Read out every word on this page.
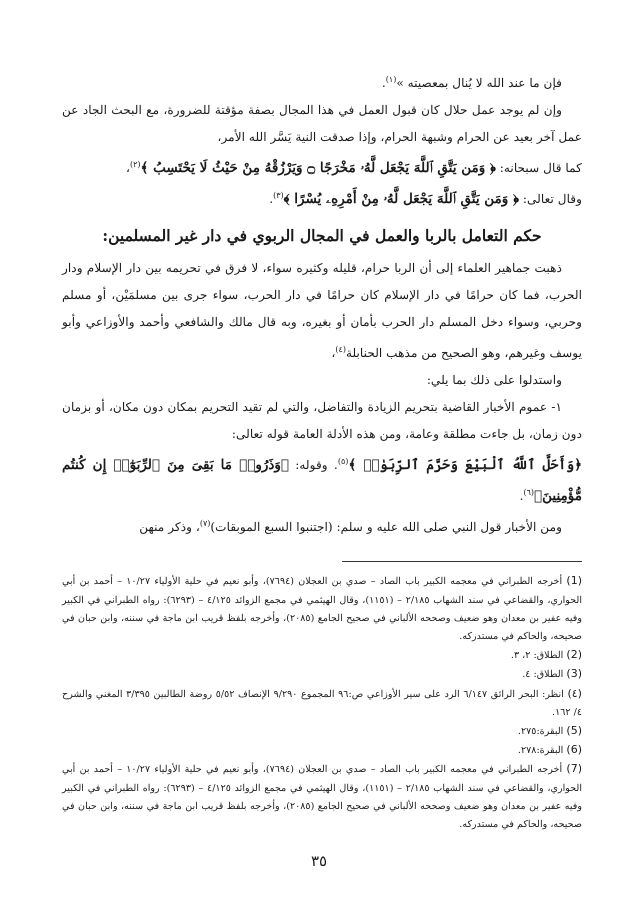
فإن ما عند الله لا يُنال بمعصيته »$^{(١)}$.

وإن لم يوجد عمل حلال كان قبول العمل في هذا المجال بصفة مؤقتة للضرورة، مع البحث الجاد عن عمل آخر بعيد عن الحرام وشبهة الحرام، وإذا صدقت النية يَسَّر الله الأمر،

كما قال سبحانه: ﴿ وَمَن يَتَّقِ ٱللَّهَ يَجْعَل لَّهُۥ مَخْرَجًا ۝ وَيَرْزُقْهُ مِنْ حَيْثُ لَا يَحْتَسِبُ ﴾$^{(٢)}$،

وقال تعالى: ﴿ وَمَن يَتَّقِ ٱللَّهَ يَجْعَل لَّهُۥ مِنْ أَمْرِهِۦ يُسْرًا ﴾$^{(٣)}$.

حكم التعامل بالربا والعمل في المجال الربوي في دار غير المسلمين:

ذهبت جماهير العلماء إلى أن الربا حرام، قليله وكثيره سواء، لا فرق في تحريمه بين دار الإسلام ودار الحرب، فما كان حرامًا في دار الإسلام كان حرامًا في دار الحرب، سواء جرى بين مسلمَيْن، أو مسلم وحربي، وسواء دخل المسلم دار الحرب بأمان أو بغيره، وبه قال مالك والشافعي وأحمد والأوزاعي وأبو يوسف وغيرهم، وهو الصحيح من مذهب الحنابلة$^{(٤)}$،

واستدلوا على ذلك بما يلي:

١- عموم الأخبار القاضية بتحريم الزيادة والتفاضل، والتي لم تقيد التحريم بمكان دون مكان، أو بزمان دون زمان، بل جاءت مطلقة وعامة، ومن هذه الأدلة العامة قوله تعالى:

﴿وَأَحَلَّ ٱللَّهُ ٱلْبَيْعَ وَحَرَّمَ ٱلرِّبَوٰا۟ ﴾$^{(٥)}$. وقوله: ﴿وَذَرُوا۟ مَا بَقِىَ مِنَ ٱلرِّبَوٰٓا۟ إِن كُنتُم مُّؤْمِنِينَ﴾$^{(٦)}$.

ومن الأخبار قول النبي صلى الله عليه و سلم: (اجتنبوا السبع الموبقات)$^{(٧)}$، وذكر منهن

(1) أخرجه الطبراني في معجمه الكبير باب الصاد – صدي بن العجلان (٧٦٩٤)، وأبو نعيم في حلية الأولياء ١٠/٢٧ – أحمد بن أبي الحواري، والقضاعي في سند الشهاب ٢/١٨٥ – (١١٥١)، وقال الهيثمي في مجمع الزوائد ٤/١٢٥ – (٦٢٩٣): رواه الطبراني في الكبير وفيه عفير بن معدان وهو ضعيف وصححه الألباني في صحيح الجامع (٢٠٨٥)، وأخرجه بلفظ قريب ابن ماجة في سننه، وابن حبان في صحيحه، والحاكم في مستدركه.

(2) الطلاق: ٢، ٣.

(3) الطلاق: ٤.

(٤) انظر: البحر الرائق ٦/١٤٧ الرد على سير الأوزاعي ص:٩٦ المجموع ٩/٢٩٠ الإنصاف ٥/٥٢ روضة الطالبين ٣/٣٩٥ المغني والشرح ٤/ ١٦٢.

(5) البقرة:٢٧٥.

(6) البقرة:٢٧٨.

(7) أخرجه الطبراني في معجمه الكبير باب الصاد – صدي بن العجلان (٧٦٩٤)، وأبو نعيم في حلية الأولياء ١٠/٢٧ – أحمد بن أبي الحواري، والقضاعي في سند الشهاب ٢/١٨٥ – (١١٥١)، وقال الهيثمي في مجمع الزوائد ٤/١٢٥ – (٦٢٩٣): رواه الطبراني في الكبير وفيه عفير بن معدان وهو ضعيف وصححه الألباني في صحيح الجامع (٢٠٨٥)، وأخرجه بلفظ قريب ابن ماجة في سننه، وابن حبان في صحيحه، والحاكم في مستدركه.

٣٥
